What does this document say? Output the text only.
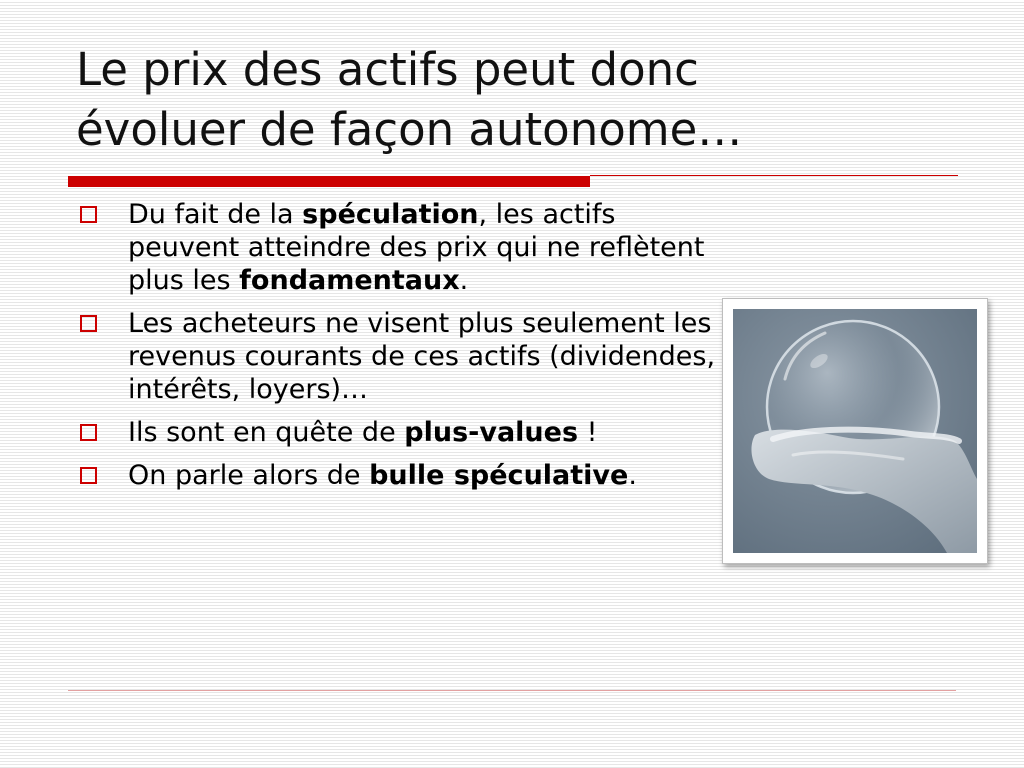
Le prix des actifs peut donc
évoluer de façon autonome…
Du fait de la spéculation, les actifs peuvent atteindre des prix qui ne reflètent plus les fondamentaux.
Les acheteurs ne visent plus seulement les revenus courants de ces actifs (dividendes, intérêts, loyers)…
Ils sont en quête de plus-values !
On parle alors de bulle spéculative.
